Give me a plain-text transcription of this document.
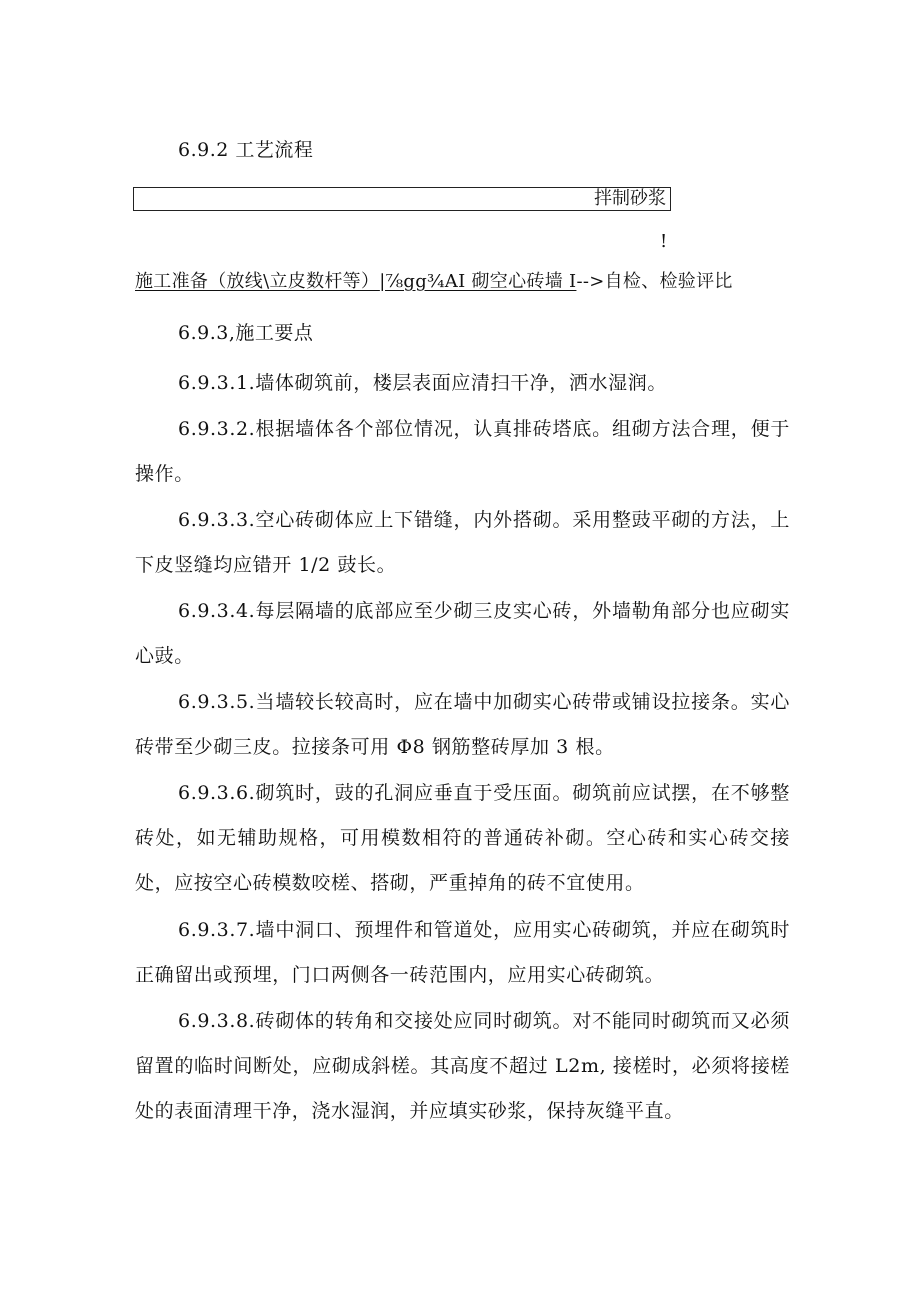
6.9.2 工艺流程
拌制砂浆
!
施工准备（放线\立皮数杆等）|⅞gg¾AI 砌空心砖墙 I-->自检、检验评比
6.9.3,施工要点
6.9.3.1.墙体砌筑前，楼层表面应清扫干净，洒水湿润。
6.9.3.2.根据墙体各个部位情况，认真排砖塔底。组砌方法合理，便于操作。
6.9.3.3.空心砖砌体应上下错缝，内外搭砌。采用整豉平砌的方法，上下皮竖缝均应错开 1/2 豉长。
6.9.3.4.每层隔墙的底部应至少砌三皮实心砖，外墙勒角部分也应砌实心豉。
6.9.3.5.当墙较长较高时，应在墙中加砌实心砖带或铺设拉接条。实心砖带至少砌三皮。拉接条可用 Φ8 钢筋整砖厚加 3 根。
6.9.3.6.砌筑时，豉的孔洞应垂直于受压面。砌筑前应试摆，在不够整砖处，如无辅助规格，可用模数相符的普通砖补砌。空心砖和实心砖交接处，应按空心砖模数咬槎、搭砌，严重掉角的砖不宜使用。
6.9.3.7.墙中洞口、预埋件和管道处，应用实心砖砌筑，并应在砌筑时正确留出或预埋，门口两侧各一砖范围内，应用实心砖砌筑。
6.9.3.8.砖砌体的转角和交接处应同时砌筑。对不能同时砌筑而又必须留置的临时间断处，应砌成斜槎。其高度不超过 L2m, 接槎时，必须将接槎处的表面清理干净，浇水湿润，并应填实砂浆，保持灰缝平直。
